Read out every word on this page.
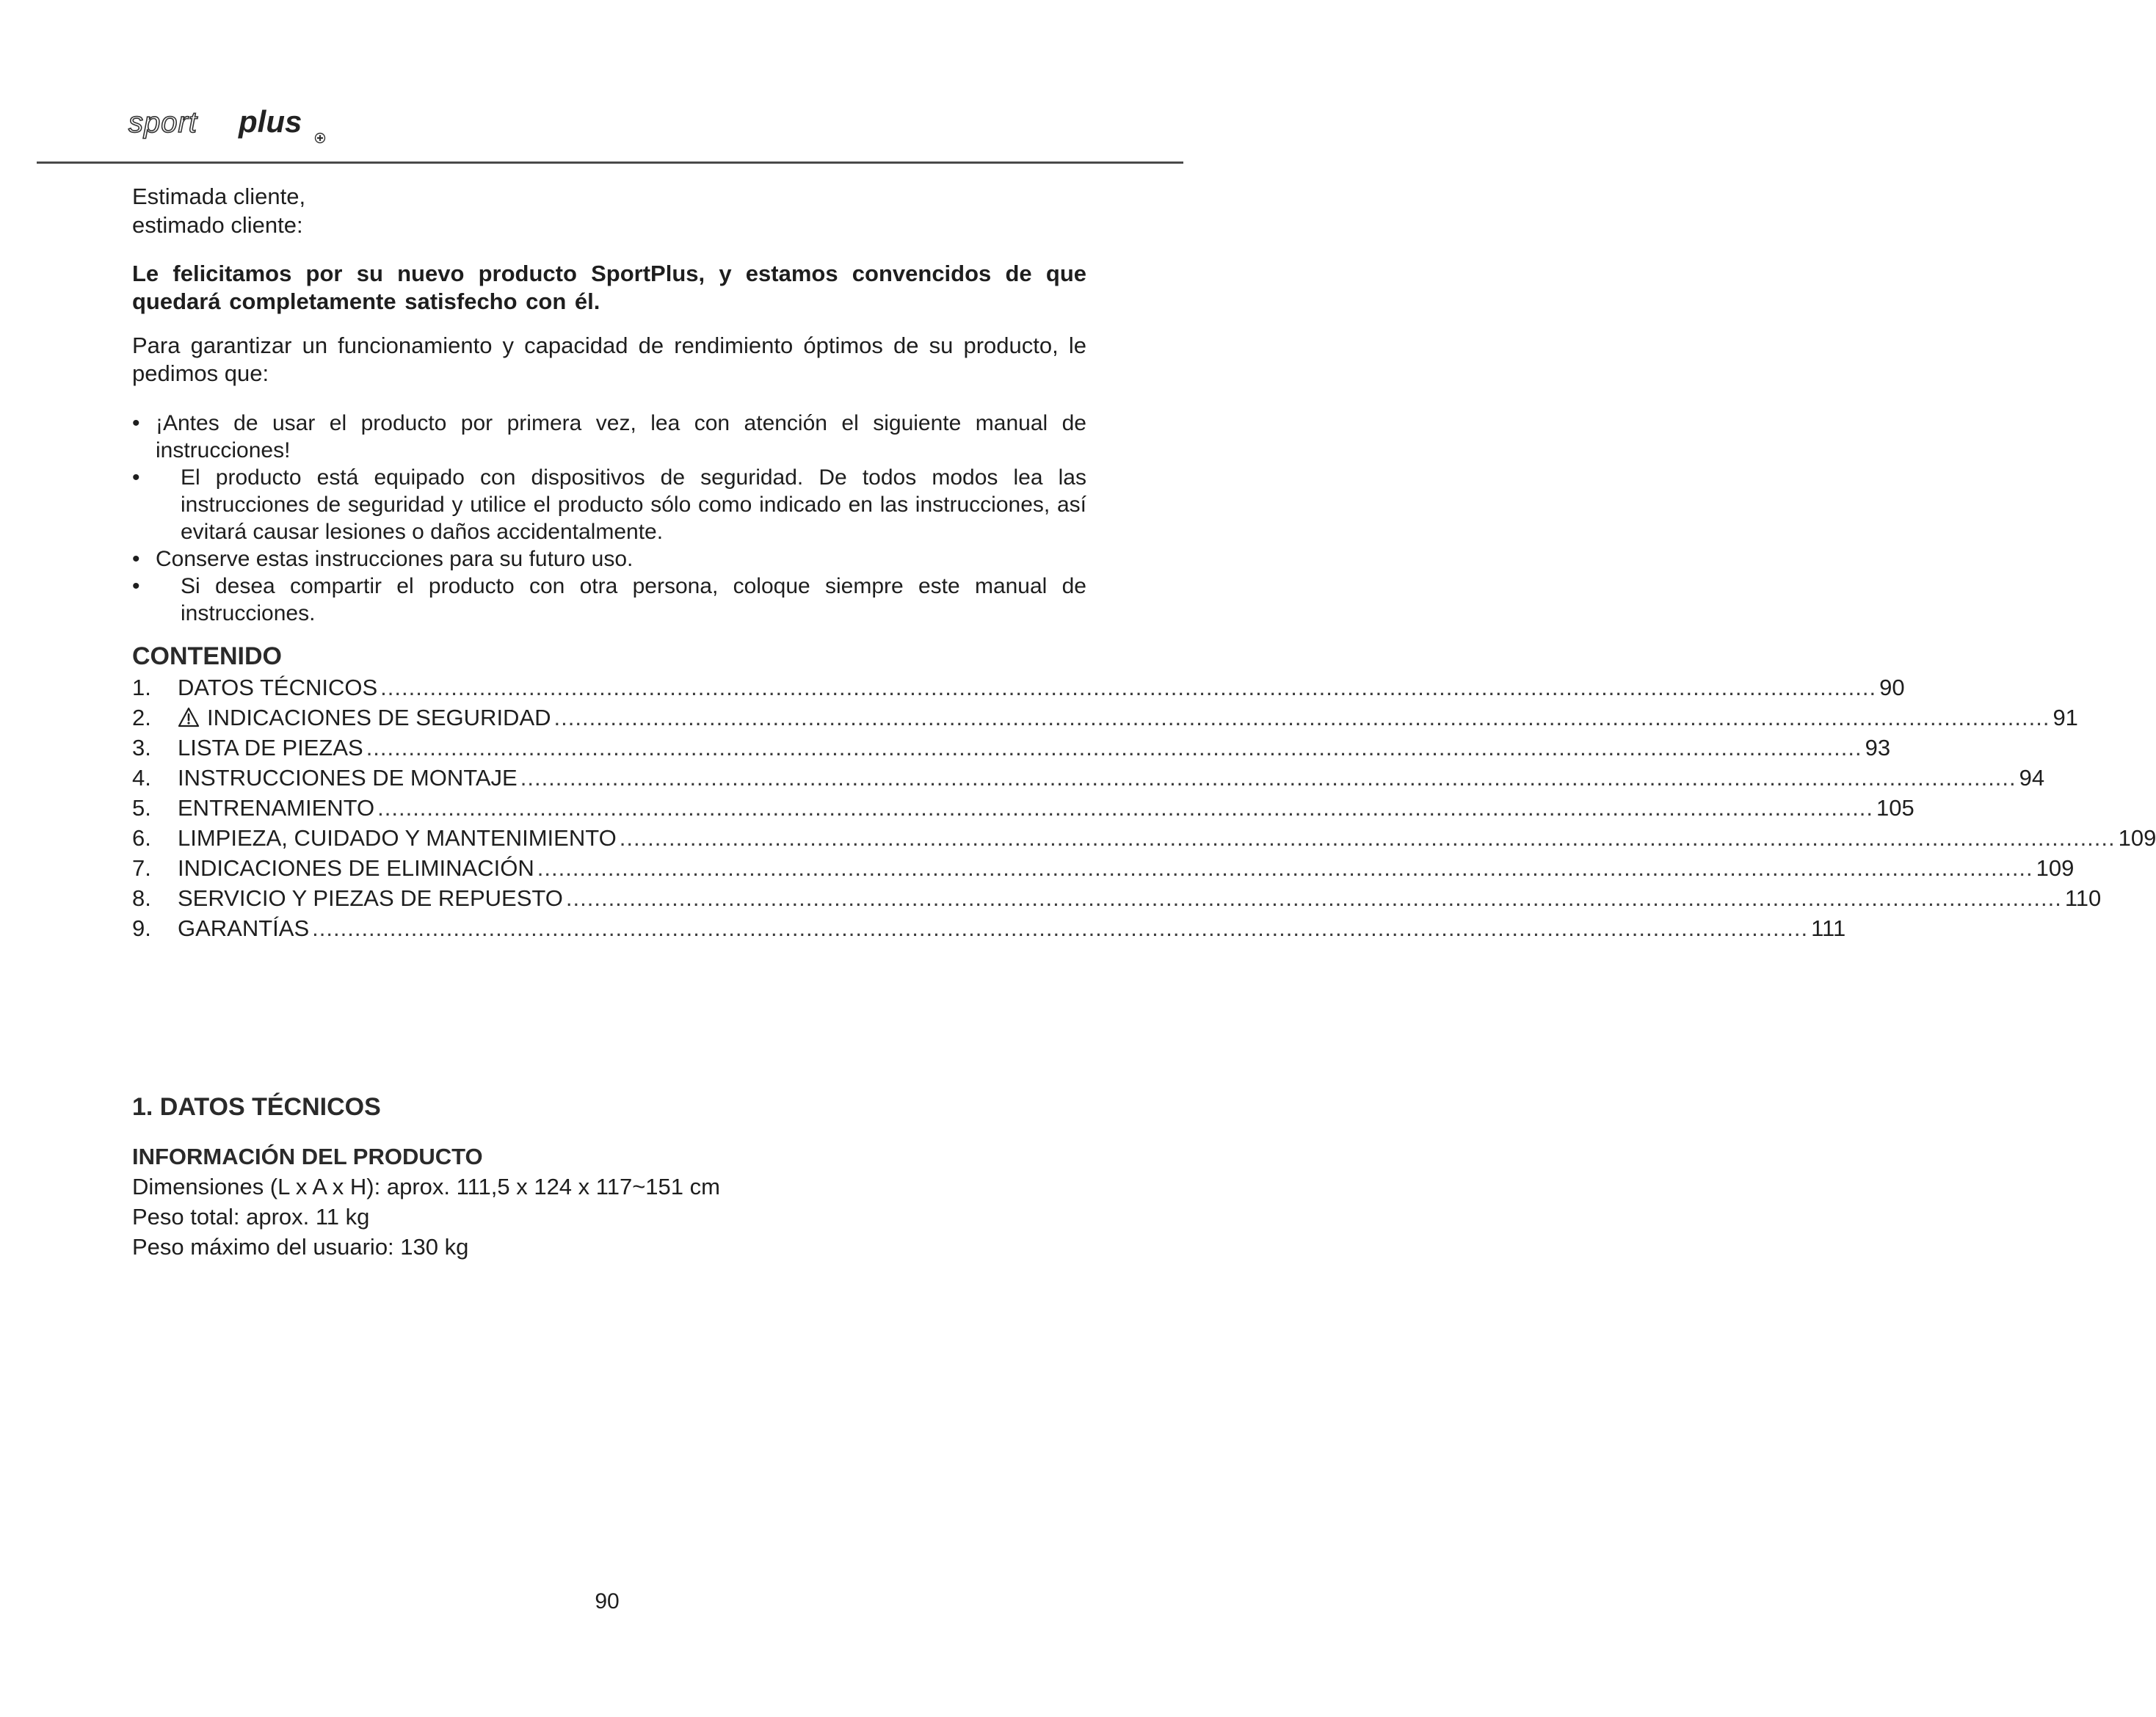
sport plus

Estimada cliente,

estimado cliente:

Le felicitamos por su nuevo producto SportPlus, y estamos convencidos de que quedará completamente satisfecho con él.

Para garantizar un funcionamiento y capacidad de rendimiento óptimos de su producto, le pedimos que:

• ¡Antes de usar el producto por primera vez, lea con atención el siguiente manual de instrucciones!
• El producto está equipado con dispositivos de seguridad. De todos modos lea las instrucciones de seguridad y utilice el producto sólo como indicado en las instrucciones, así evitará causar lesiones o daños accidentalmente.
• Conserve estas instrucciones para su futuro uso.
• Si desea compartir el producto con otra persona, coloque siempre este manual de instrucciones.
CONTENIDO
1.	DATOS TÉCNICOS .................................................................................................................................................................................................................... 90
2.	INDICACIONES DE SEGURIDAD .................................................................................................................................................................................................................... 91
3.	LISTA DE PIEZAS .................................................................................................................................................................................................................... 93
4.	INSTRUCCIONES DE MONTAJE .................................................................................................................................................................................................................... 94
5.	ENTRENAMIENTO .................................................................................................................................................................................................................... 105
6.	LIMPIEZA, CUIDADO Y MANTENIMIENTO .................................................................................................................................................................................................................... 109
7.	INDICACIONES DE ELIMINACIÓN .................................................................................................................................................................................................................... 109
8.	SERVICIO Y PIEZAS DE REPUESTO .................................................................................................................................................................................................................... 110
9.	GARANTÍAS .................................................................................................................................................................................................................... 111
1. DATOS TÉCNICOS
INFORMACIÓN DEL PRODUCTO

Dimensiones (L x A x H): aprox. 111,5 x 124 x 117~151 cm

Peso total: aprox. 11 kg

Peso máximo del usuario: 130 kg

90
